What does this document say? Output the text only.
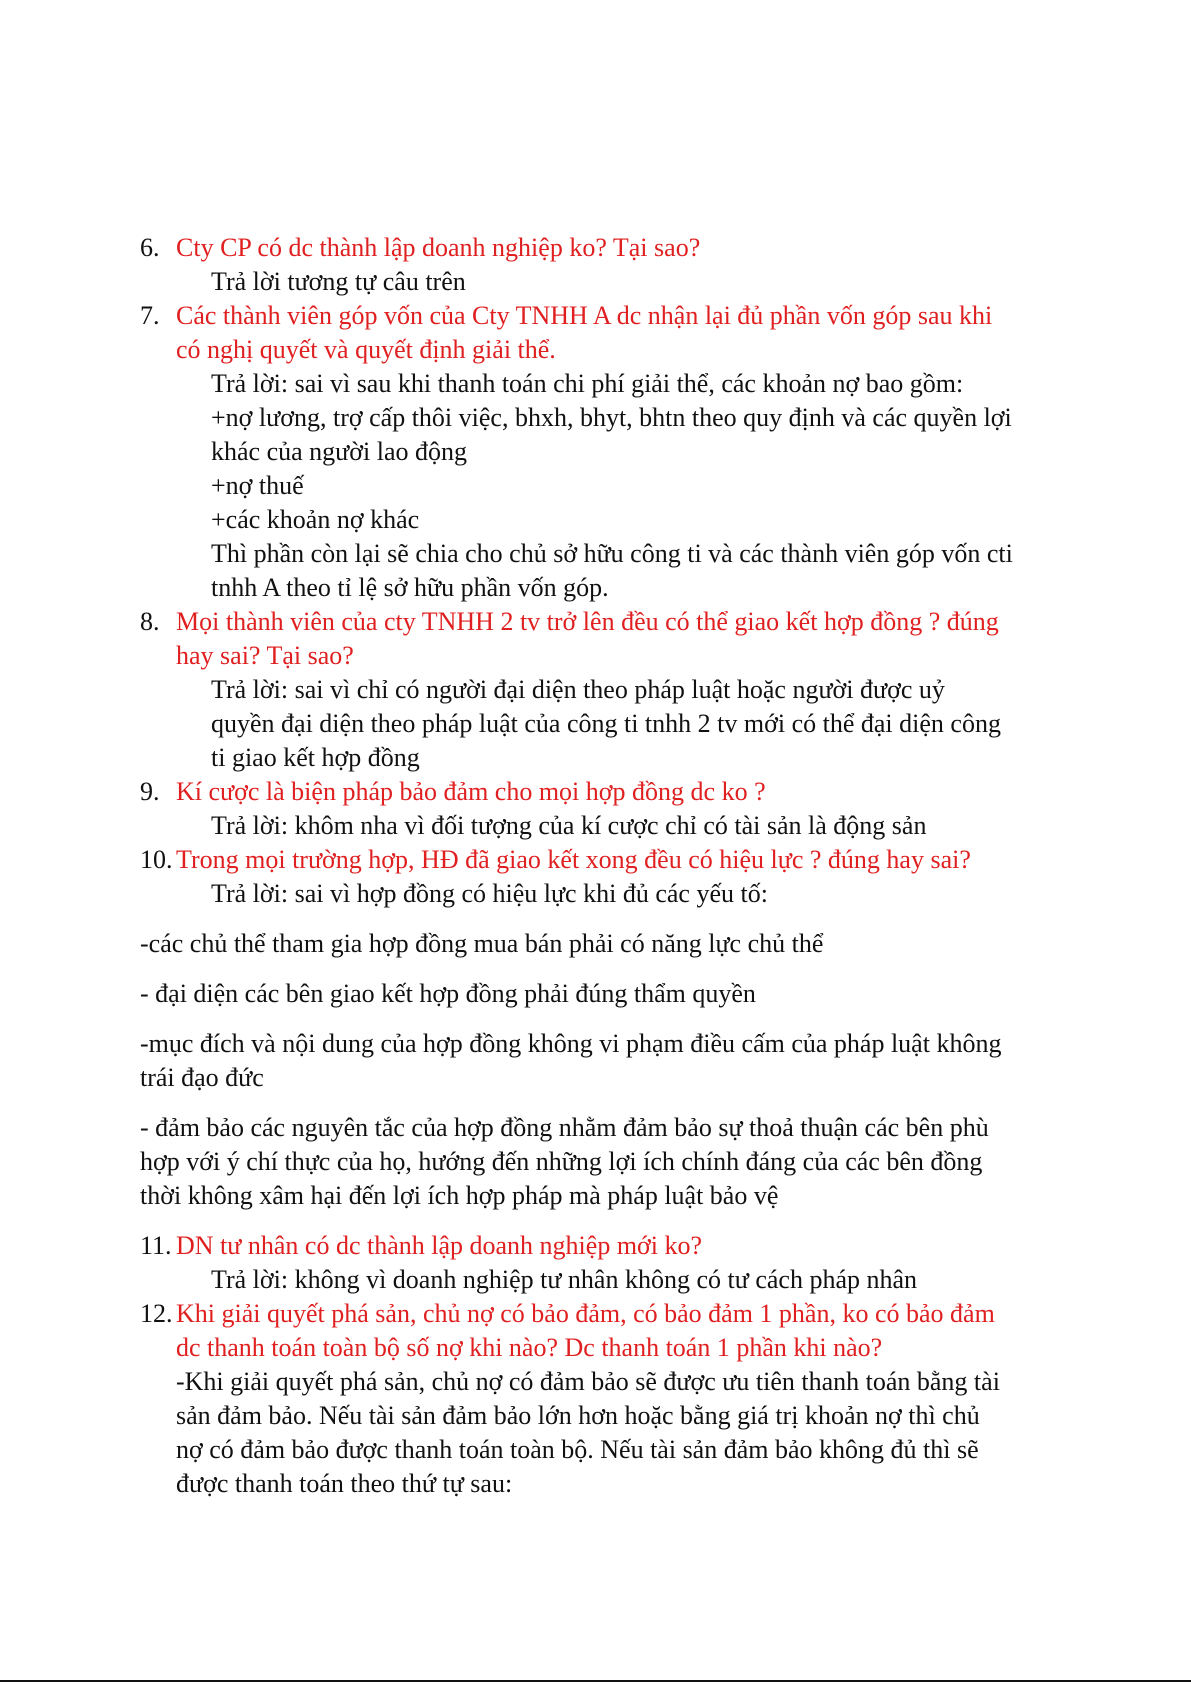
6. Cty CP có dc thành lập doanh nghiệp ko? Tại sao?
Trả lời tương tự câu trên
7. Các thành viên góp vốn của Cty TNHH A dc nhận lại đủ phần vốn góp sau khi
có nghị quyết và quyết định giải thể.
Trả lời: sai vì sau khi thanh toán chi phí giải thể, các khoản nợ bao gồm:
+nợ lương, trợ cấp thôi việc, bhxh, bhyt, bhtn theo quy định và các quyền lợi
khác của người lao động
+nợ thuế
+các khoản nợ khác
Thì phần còn lại sẽ chia cho chủ sở hữu công ti và các thành viên góp vốn cti
tnhh A theo tỉ lệ sở hữu phần vốn góp.
8. Mọi thành viên của cty TNHH 2 tv trở lên đều có thể giao kết hợp đồng ? đúng
hay sai? Tại sao?
Trả lời: sai vì chỉ có người đại diện theo pháp luật hoặc người được uỷ
quyền đại diện theo pháp luật của công ti tnhh 2 tv mới có thể đại diện công
ti giao kết hợp đồng
9. Kí cược là biện pháp bảo đảm cho mọi hợp đồng dc ko ?
Trả lời: khôm nha vì đối tượng của kí cược chỉ có tài sản là động sản
10. Trong mọi trường hợp, HĐ đã giao kết xong đều có hiệu lực ? đúng hay sai?
Trả lời: sai vì hợp đồng có hiệu lực khi đủ các yếu tố:
-các chủ thể tham gia hợp đồng mua bán phải có năng lực chủ thể
- đại diện các bên giao kết hợp đồng phải đúng thẩm quyền
-mục đích và nội dung của hợp đồng không vi phạm điều cấm của pháp luật không
trái đạo đức
- đảm bảo các nguyên tắc của hợp đồng nhằm đảm bảo sự thoả thuận các bên phù
hợp với ý chí thực của họ, hướng đến những lợi ích chính đáng của các bên đồng
thời không xâm hại đến lợi ích hợp pháp mà pháp luật bảo vệ
11. DN tư nhân có dc thành lập doanh nghiệp mới ko?
Trả lời: không vì doanh nghiệp tư nhân không có tư cách pháp nhân
12. Khi giải quyết phá sản, chủ nợ có bảo đảm, có bảo đảm 1 phần, ko có bảo đảm
dc thanh toán toàn bộ số nợ khi nào? Dc thanh toán 1 phần khi nào?
-Khi giải quyết phá sản, chủ nợ có đảm bảo sẽ được ưu tiên thanh toán bằng tài
sản đảm bảo. Nếu tài sản đảm bảo lớn hơn hoặc bằng giá trị khoản nợ thì chủ
nợ có đảm bảo được thanh toán toàn bộ. Nếu tài sản đảm bảo không đủ thì sẽ
được thanh toán theo thứ tự sau:
